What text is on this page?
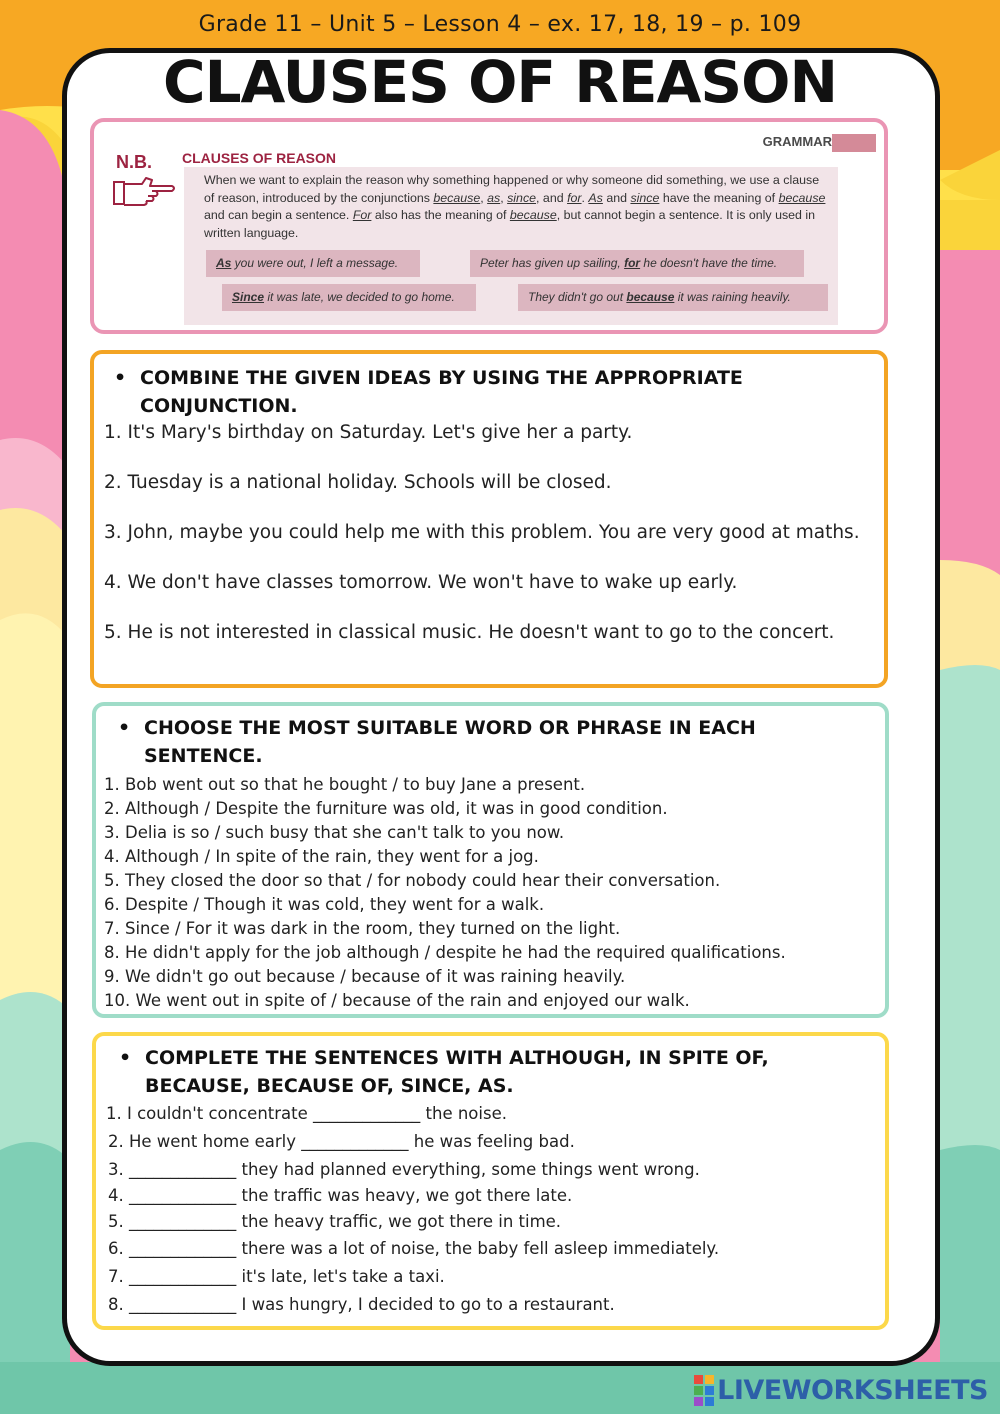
Grade 11 – Unit 5 – Lesson 4 – ex. 17, 18, 19 – p. 109
CLAUSES OF REASON
GRAMMAR
N.B. CLAUSES OF REASON
When we want to explain the reason why something happened or why someone did something, we use a clause of reason, introduced by the conjunctions because, as, since, and for. As and since have the meaning of because and can begin a sentence. For also has the meaning of because, but cannot begin a sentence. It is only used in written language.
As you were out, I left a message.	Peter has given up sailing, for he doesn't have the time.
Since it was late, we decided to go home.	They didn't go out because it was raining heavily.
• COMBINE THE GIVEN IDEAS BY USING THE APPROPRIATE
CONJUNCTION.
1. It's Mary's birthday on Saturday. Let's give her a party.
2. Tuesday is a national holiday. Schools will be closed.
3. John, maybe you could help me with this problem. You are very good at maths.
4. We don't have classes tomorrow. We won't have to wake up early.
5. He is not interested in classical music. He doesn't want to go to the concert.
• CHOOSE THE MOST SUITABLE WORD OR PHRASE IN EACH
SENTENCE.
1. Bob went out so that he bought / to buy Jane a present.
2. Although / Despite the furniture was old, it was in good condition.
3. Delia is so / such busy that she can't talk to you now.
4. Although / In spite of the rain, they went for a jog.
5. They closed the door so that / for nobody could hear their conversation.
6. Despite / Though it was cold, they went for a walk.
7. Since / For it was dark in the room, they turned on the light.
8. He didn't apply for the job although / despite he had the required qualifications.
9. We didn't go out because / because of it was raining heavily.
10. We went out in spite of / because of the rain and enjoyed our walk.
• COMPLETE THE SENTENCES WITH ALTHOUGH, IN SPITE OF,
BECAUSE, BECAUSE OF, SINCE, AS.
1. I couldn't concentrate _____________ the noise.
2. He went home early _____________ he was feeling bad.
3. _____________ they had planned everything, some things went wrong.
4. _____________ the traffic was heavy, we got there late.
5. _____________ the heavy traffic, we got there in time.
6. _____________ there was a lot of noise, the baby fell asleep immediately.
7. _____________ it's late, let's take a taxi.
8. _____________ I was hungry, I decided to go to a restaurant.
LIVEWORKSHEETS
